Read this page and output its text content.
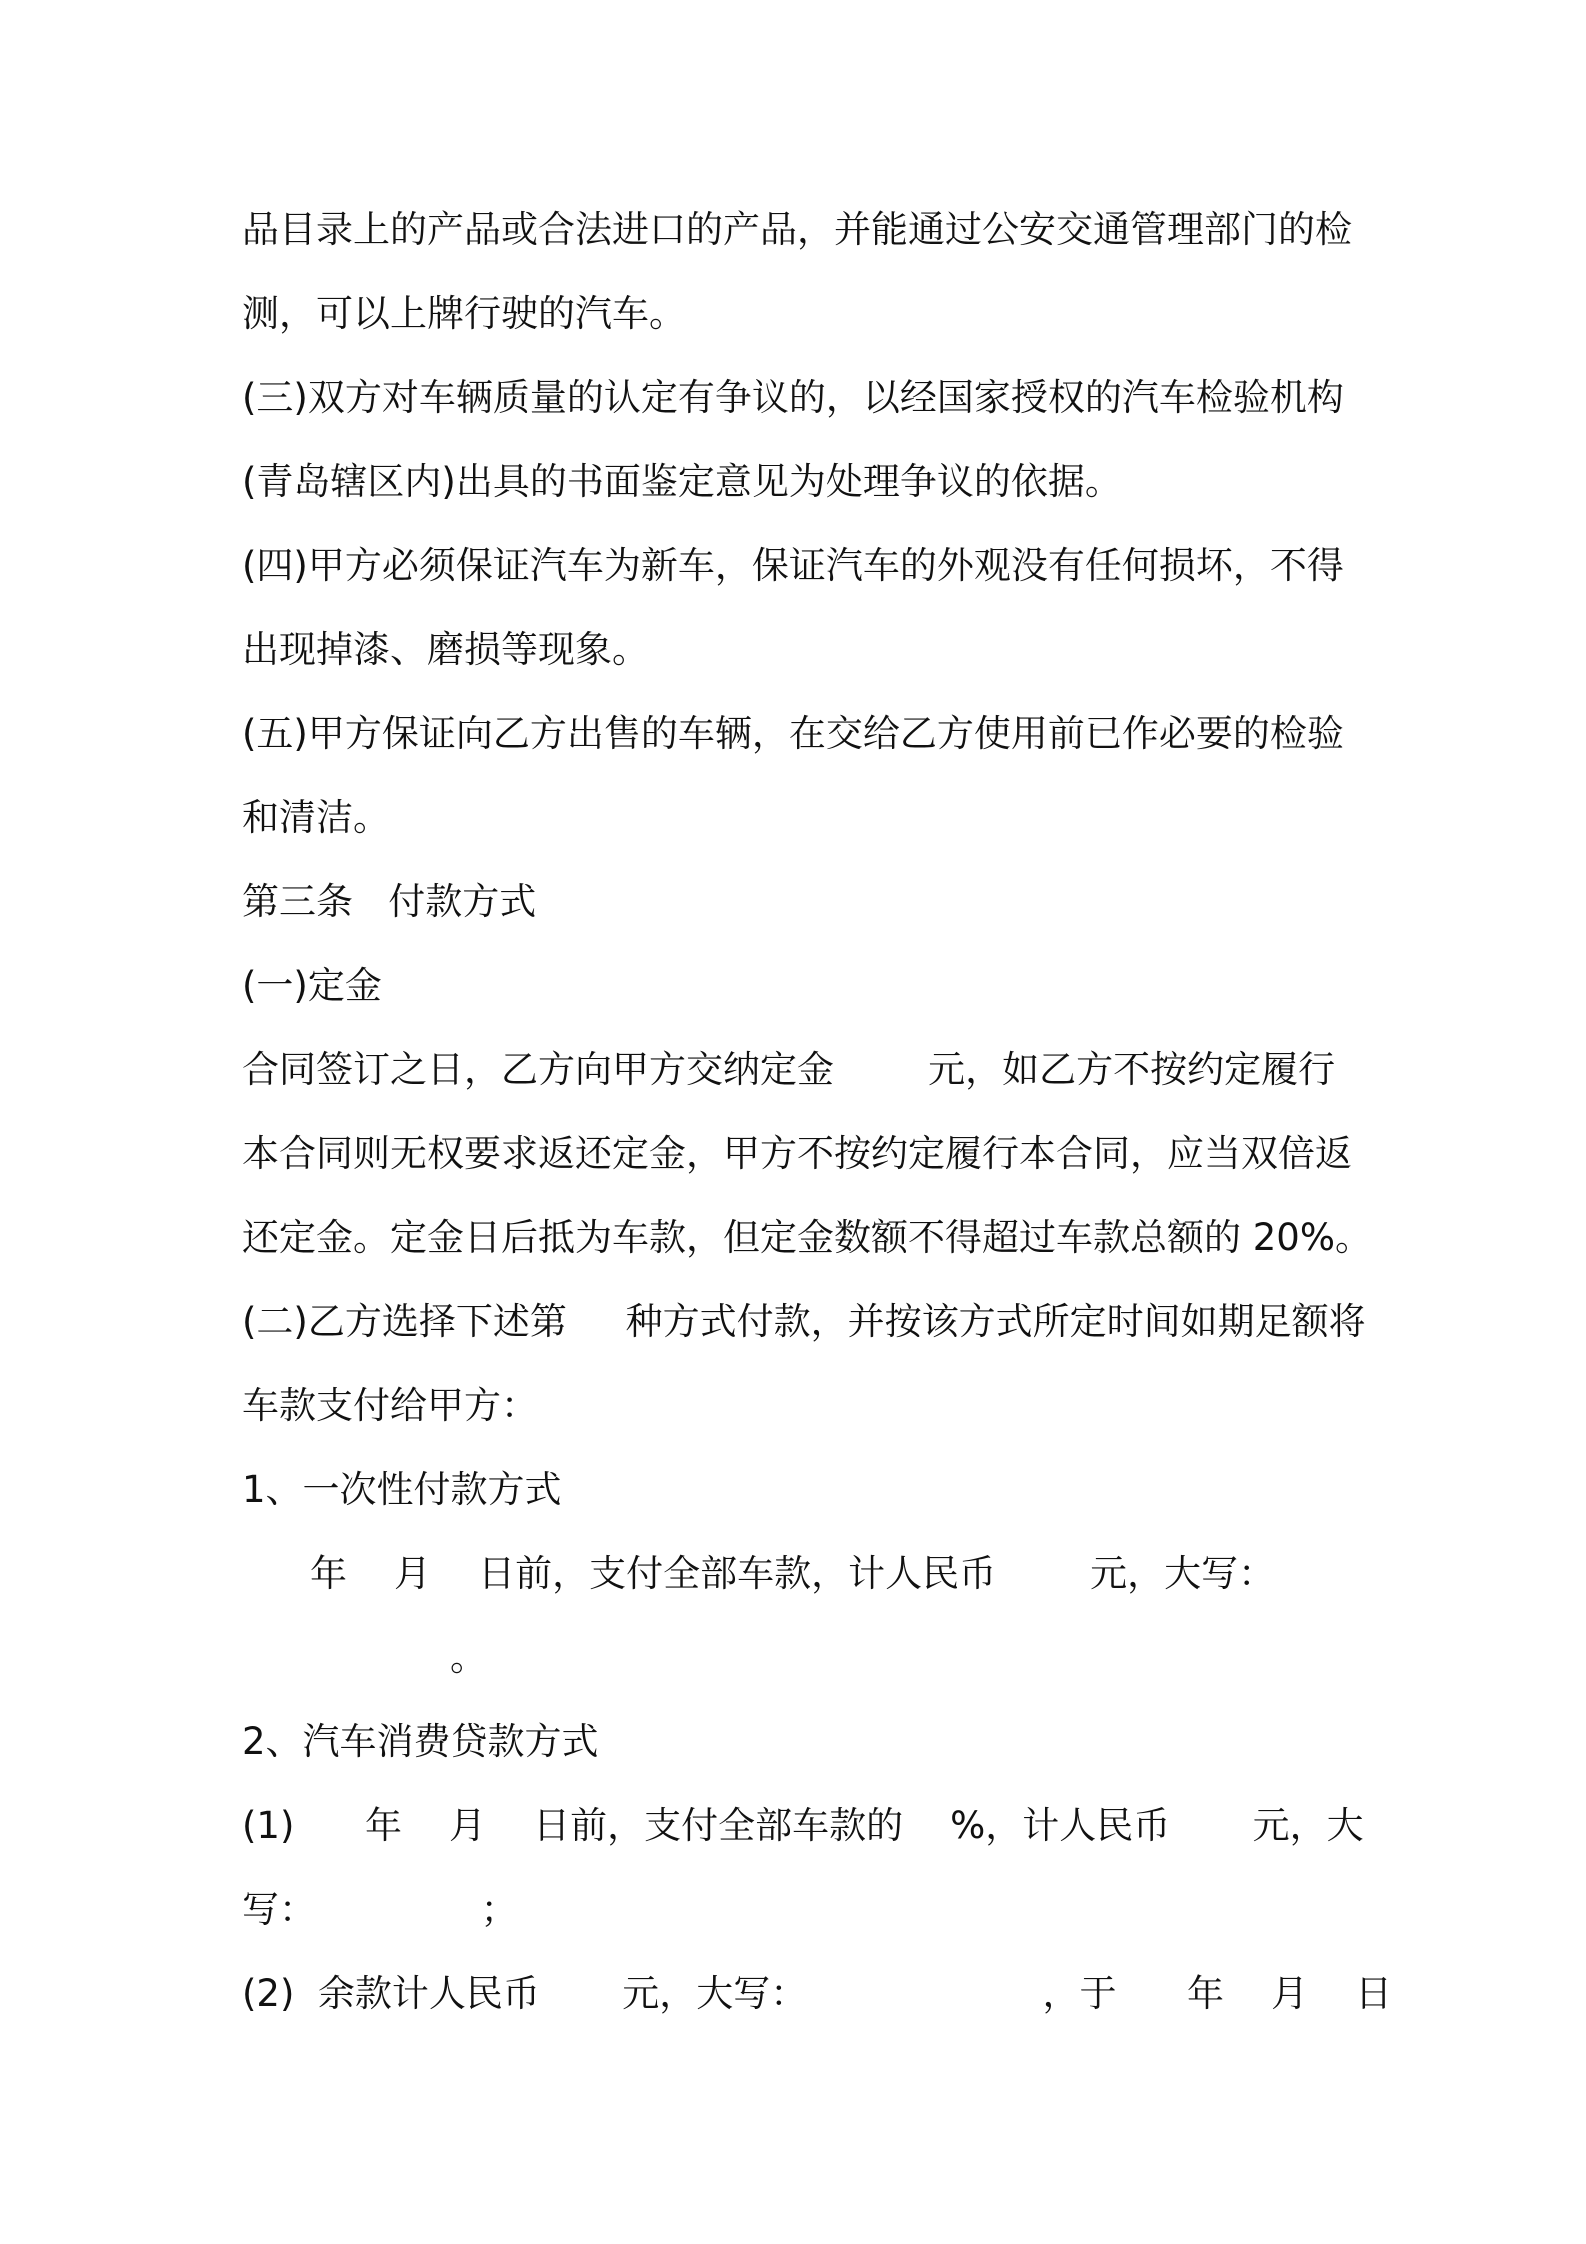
品目录上的产品或合法进口的产品，并能通过公安交通管理部门的检

测，可以上牌行驶的汽车。

(三)双方对车辆质量的认定有争议的，以经国家授权的汽车检验机构

(青岛辖区内)出具的书面鉴定意见为处理争议的依据。

(四)甲方必须保证汽车为新车，保证汽车的外观没有任何损坏，不得

出现掉漆、磨损等现象。

(五)甲方保证向乙方出售的车辆，在交给乙方使用前已作必要的检验

和清洁。

第三条   付款方式

(一)定金

合同签订之日，乙方向甲方交纳定金        元，如乙方不按约定履行

本合同则无权要求返还定金，甲方不按约定履行本合同，应当双倍返

还定金。定金日后抵为车款，但定金数额不得超过车款总额的 20%。

(二)乙方选择下述第     种方式付款，并按该方式所定时间如期足额将

车款支付给甲方：

1、一次性付款方式

年    月    日前，支付全部车款，计人民币        元，大写：

。

2、汽车消费贷款方式

(1)      年    月    日前，支付全部车款的    %，计人民币       元，大

写：              ；

(2)  余款计人民币       元，大写：                    ，于      年    月    日
